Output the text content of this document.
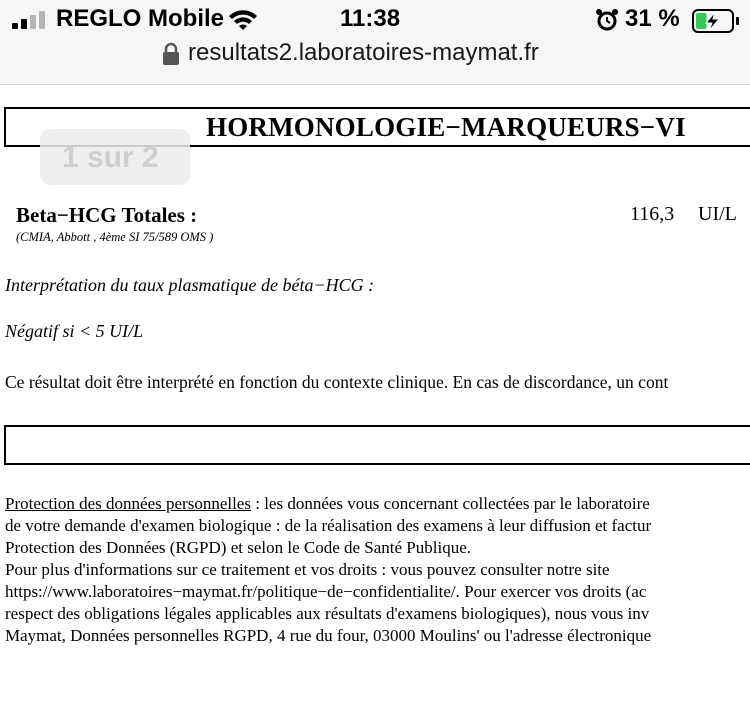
REGLO Mobile	11:38	31 %
resultats2.laboratoires-maymat.fr
HORMONOLOGIE−MARQUEURS−VI
1 sur 2
Beta−HCG Totales :
(CMIA, Abbott , 4ème SI 75/589 OMS )
116,3 UI/L
Interprétation du taux plasmatique de béta−HCG :
Négatif si < 5 UI/L
Ce résultat doit être interprété en fonction du contexte clinique. En cas de discordance, un cont
Protection des données personnelles : les données vous concernant collectées par le laboratoire
de votre demande d'examen biologique : de la réalisation des examens à leur diffusion et factur
Protection des Données (RGPD) et selon le Code de Santé Publique.
Pour plus d'informations sur ce traitement et vos droits : vous pouvez consulter notre site
https://www.laboratoires−maymat.fr/politique−de−confidentialite/. Pour exercer vos droits (ac
respect des obligations légales applicables aux résultats d'examens biologiques), nous vous inv
Maymat, Données personnelles RGPD, 4 rue du four, 03000 Moulins' ou l'adresse électronique
